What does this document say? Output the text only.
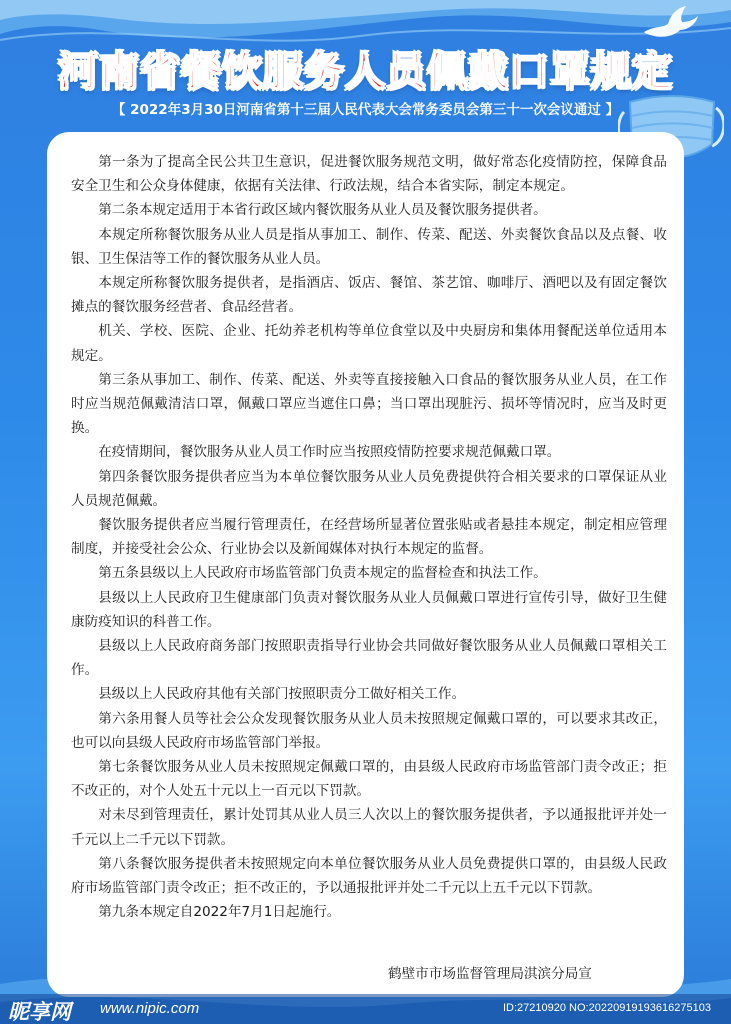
河南省餐饮服务人员佩戴口罩规定
【 2022年3月30日河南省第十三届人民代表大会常务委员会第三十一次会议通过 】

第一条为了提高全民公共卫生意识，促进餐饮服务规范文明，做好常态化疫情防控，保障食品安全卫生和公众身体健康，依据有关法律、行政法规，结合本省实际，制定本规定。

第二条本规定适用于本省行政区域内餐饮服务从业人员及餐饮服务提供者。

本规定所称餐饮服务从业人员是指从事加工、制作、传菜、配送、外卖餐饮食品以及点餐、收银、卫生保洁等工作的餐饮服务从业人员。

本规定所称餐饮服务提供者，是指酒店、饭店、餐馆、茶艺馆、咖啡厅、酒吧以及有固定餐饮摊点的餐饮服务经营者、食品经营者。

机关、学校、医院、企业、托幼养老机构等单位食堂以及中央厨房和集体用餐配送单位适用本规定。

第三条从事加工、制作、传菜、配送、外卖等直接接触入口食品的餐饮服务从业人员，在工作时应当规范佩戴清洁口罩，佩戴口罩应当遮住口鼻；当口罩出现脏污、损坏等情况时，应当及时更换。

在疫情期间，餐饮服务从业人员工作时应当按照疫情防控要求规范佩戴口罩。

第四条餐饮服务提供者应当为本单位餐饮服务从业人员免费提供符合相关要求的口罩保证从业人员规范佩戴。

餐饮服务提供者应当履行管理责任，在经营场所显著位置张贴或者悬挂本规定，制定相应管理制度，并接受社会公众、行业协会以及新闻媒体对执行本规定的监督。

第五条县级以上人民政府市场监管部门负责本规定的监督检查和执法工作。

县级以上人民政府卫生健康部门负责对餐饮服务从业人员佩戴口罩进行宣传引导，做好卫生健康防疫知识的科普工作。

县级以上人民政府商务部门按照职责指导行业协会共同做好餐饮服务从业人员佩戴口罩相关工作。

县级以上人民政府其他有关部门按照职责分工做好相关工作。

第六条用餐人员等社会公众发现餐饮服务从业人员未按照规定佩戴口罩的，可以要求其改正，也可以向县级人民政府市场监管部门举报。

第七条餐饮服务从业人员未按照规定佩戴口罩的，由县级人民政府市场监管部门责令改正；拒不改正的，对个人处五十元以上一百元以下罚款。

对未尽到管理责任，累计处罚其从业人员三人次以上的餐饮服务提供者，予以通报批评并处一千元以上二千元以下罚款。

第八条餐饮服务提供者未按照规定向本单位餐饮服务从业人员免费提供口罩的，由县级人民政府市场监管部门责令改正；拒不改正的，予以通报批评并处二千元以上五千元以下罚款。

第九条本规定自2022年7月1日起施行。

鹤壁市市场监督管理局淇滨分局宣
昵享网 www.nipic.com	ID:27210920 NO:20220919193616275103
